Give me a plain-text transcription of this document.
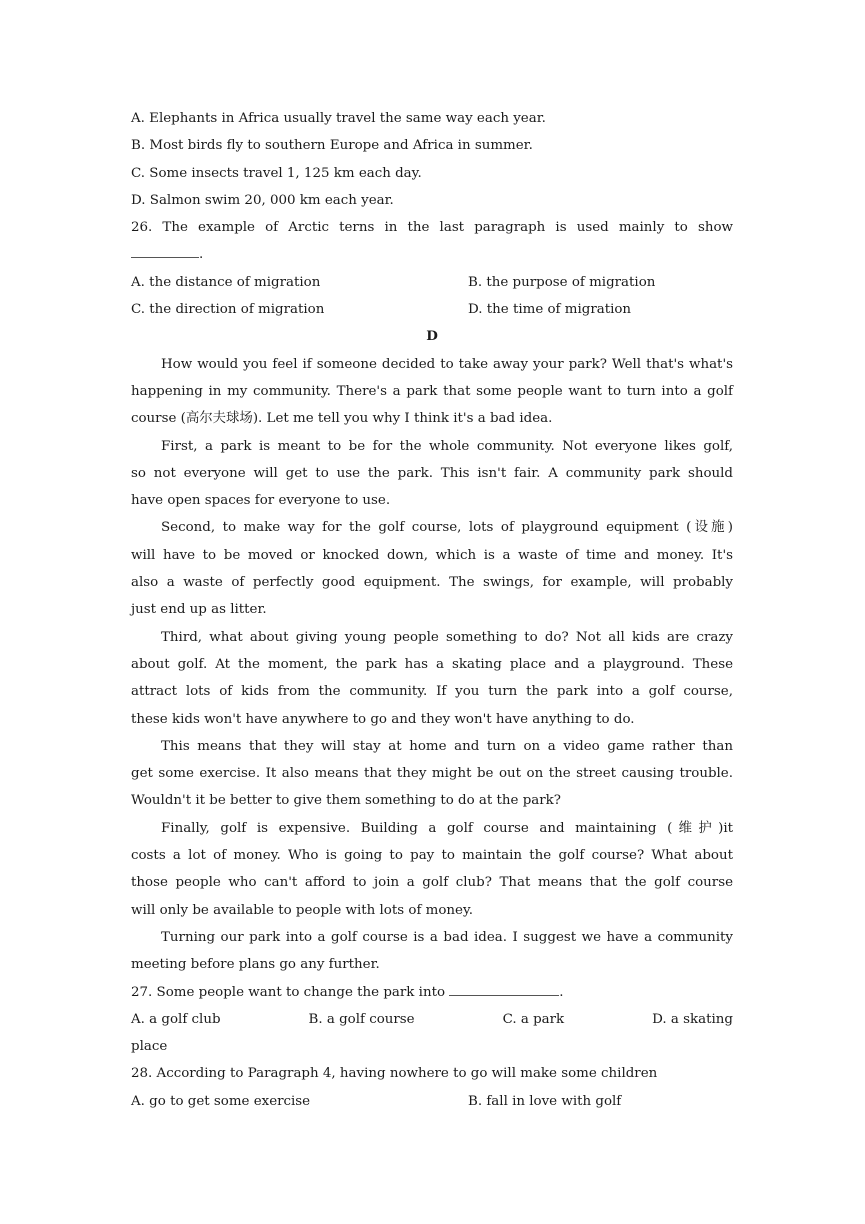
A. Elephants in Africa usually travel the same way each year.
B. Most birds fly to southern Europe and Africa in summer.
C. Some insects travel 1, 125 km each day.
D. Salmon swim 20, 000 km each year.
26. The example of Arctic terns in the last paragraph is used mainly to show
.
A. the distance of migration	B. the purpose of migration
C. the direction of migration	D. the time of migration
D
How would you feel if someone decided to take away your park? Well that's what's
happening in my community. There's a park that some people want to turn into a golf
course (高尔夫球场). Let me tell you why I think it's a bad idea.
First, a park is meant to be for the whole community. Not everyone likes golf,
so not everyone will get to use the park. This isn't fair. A community park should
have open spaces for everyone to use.
Second, to make way for the golf course, lots of playground equipment (设施)
will have to be moved or knocked down, which is a waste of time and money. It's
also a waste of perfectly good equipment. The swings, for example, will probably
just end up as litter.
Third, what about giving young people something to do? Not all kids are crazy
about golf. At the moment, the park has a skating place and a playground. These
attract lots of kids from the community. If you turn the park into a golf course,
these kids won't have anywhere to go and they won't have anything to do.
This means that they will stay at home and turn on a video game rather than
get some exercise. It also means that they might be out on the street causing trouble.
Wouldn't it be better to give them something to do at the park?
Finally, golf is expensive. Building a golf course and maintaining (维护)it
costs a lot of money. Who is going to pay to maintain the golf course? What about
those people who can't afford to join a golf club? That means that the golf course
will only be available to people with lots of money.
Turning our park into a golf course is a bad idea. I suggest we have a community
meeting before plans go any further.
27. Some people want to change the park into	.
A. a golf club	B. a golf course	C. a park	D. a skating
place
28. According to Paragraph 4, having nowhere to go will make some children
A. go to get some exercise	B. fall in love with golf
